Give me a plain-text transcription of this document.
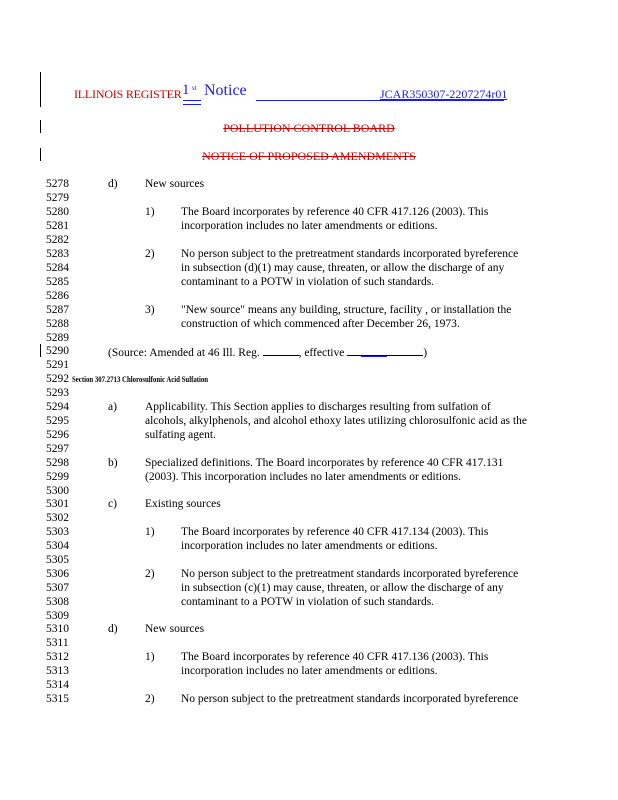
ILLINOIS REGISTER 1 st Notice	JCAR350307-2207274r01
POLLUTION CONTROL BOARD
NOTICE OF PROPOSED AMENDMENTS
5278
5279
5280
5281
5282
5283
5284
5285
5286
5287
5288
5289
5290
5291
5292
5293
5294
5295
5296
5297
5298
5299
5300
5301
5302
5303
5304
5305
5306
5307
5308
5309
5310
5311
5312
5313
5314
5315
d) New sources
1) The Board incorporates by reference 40 CFR 417.126 (2003). This
incorporation includes no later amendments or editions.
2) No person subject to the pretreatment standards incorporated byreference
in subsection (d)(1) may cause, threaten, or allow the discharge of any
contaminant to a POTW in violation of such standards.
3) "New source" means any building, structure, facility , or installation the
construction of which commenced after December 26, 1973.
(Source: Amended at 46 Ill. Reg.	, effective	)
Section 307.2713 Chlorosulfonic Acid Sulfation
a) Applicability. This Section applies to discharges resulting from sulfation of
alcohols, alkylphenols, and alcohol ethoxy lates utilizing chlorosulfonic acid as the
sulfating agent.
b) Specialized definitions. The Board incorporates by reference 40 CFR 417.131
(2003). This incorporation includes no later amendments or editions.
c) Existing sources
1) The Board incorporates by reference 40 CFR 417.134 (2003). This
incorporation includes no later amendments or editions.
2) No person subject to the pretreatment standards incorporated byreference
in subsection (c)(1) may cause, threaten, or allow the discharge of any
contaminant to a POTW in violation of such standards.
d) New sources
1) The Board incorporates by reference 40 CFR 417.136 (2003). This
incorporation includes no later amendments or editions.
2) No person subject to the pretreatment standards incorporated byreference
